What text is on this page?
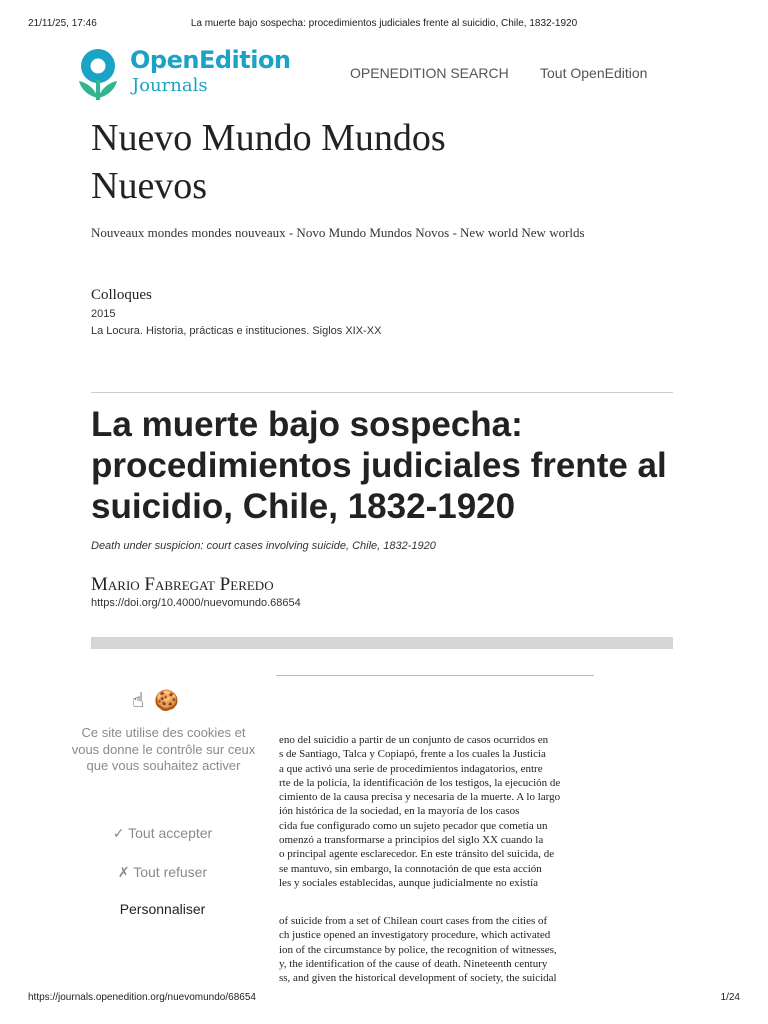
21/11/25, 17:46	La muerte bajo sospecha: procedimientos judiciales frente al suicidio, Chile, 1832-1920
OpenEdition
Journals
OPENEDITION SEARCH Tout OpenEdition
Nuevo Mundo Mundos
Nuevos
Nouveaux mondes mondes nouveaux - Novo Mundo Mundos Novos - New world New worlds
Colloques
2015
La Locura. Historia, prácticas e instituciones. Siglos XIX-XX
La muerte bajo sospecha: procedimientos judiciales frente al suicidio, Chile, 1832-1920
Death under suspicion: court cases involving suicide, Chile, 1832-1920
Mario Fabregat Peredo
https://doi.org/10.4000/nuevomundo.68654
eno del suicidio a partir de un conjunto de casos ocurridos en
s de Santiago, Talca y Copiapó, frente a los cuales la Justicia
a que activó una serie de procedimientos indagatorios, entre
rte de la policía, la identificación de los testigos, la ejecución de
cimiento de la causa precisa y necesaria de la muerte. A lo largo
ión histórica de la sociedad, en la mayoría de los casos
cida fue configurado como un sujeto pecador que cometía un
omenzó a transformarse a principios del siglo XX cuando la
o principal agente esclarecedor. En este tránsito del suicida, de
se mantuvo, sin embargo, la connotación de que esta acción
les y sociales establecidas, aunque judicialmente no existía
of suicide from a set of Chilean court cases from the cities of
ch justice opened an investigatory procedure, which activated
ion of the circumstance by police, the recognition of witnesses,
y, the identification of the cause of death. Nineteenth century
ss, and given the historical development of society, the suicidal
☝ 🍪
Ce site utilise des cookies et vous donne le contrôle sur ceux que vous souhaitez activer
✓ Tout accepter
✗ Tout refuser
Personnaliser
https://journals.openedition.org/nuevomundo/68654	1/24
